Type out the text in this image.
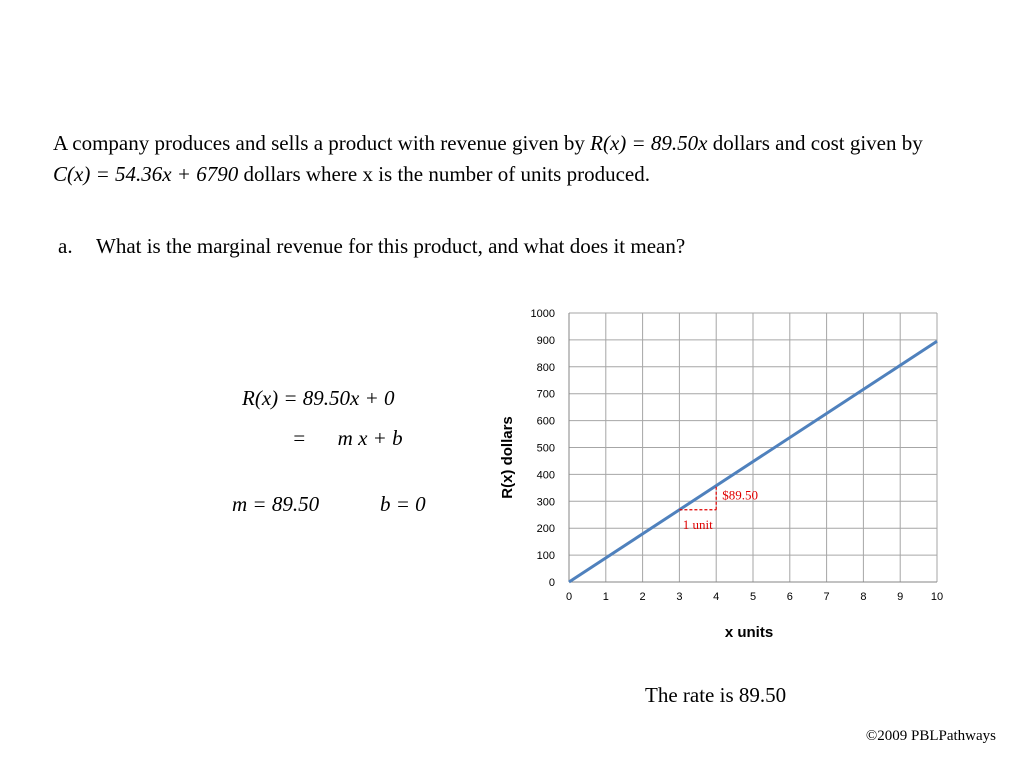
A company produces and sells a product with revenue given by R(x) = 89.50x dollars and cost given by C(x) = 54.36x + 6790 dollars where x is the number of units produced.
a. What is the marginal revenue for this product, and what does it mean?
R(x) = 89.50x + 0
=      m x + b
m = 89.50	b = 0
0	1	2	3	4	5	6	7	8	9	10
0
100
200
300
400
500
600
700
800
900
1000
x units
R(x) dollars
1 unit
$89.50
The rate is 89.50
©2009 PBLPathways
